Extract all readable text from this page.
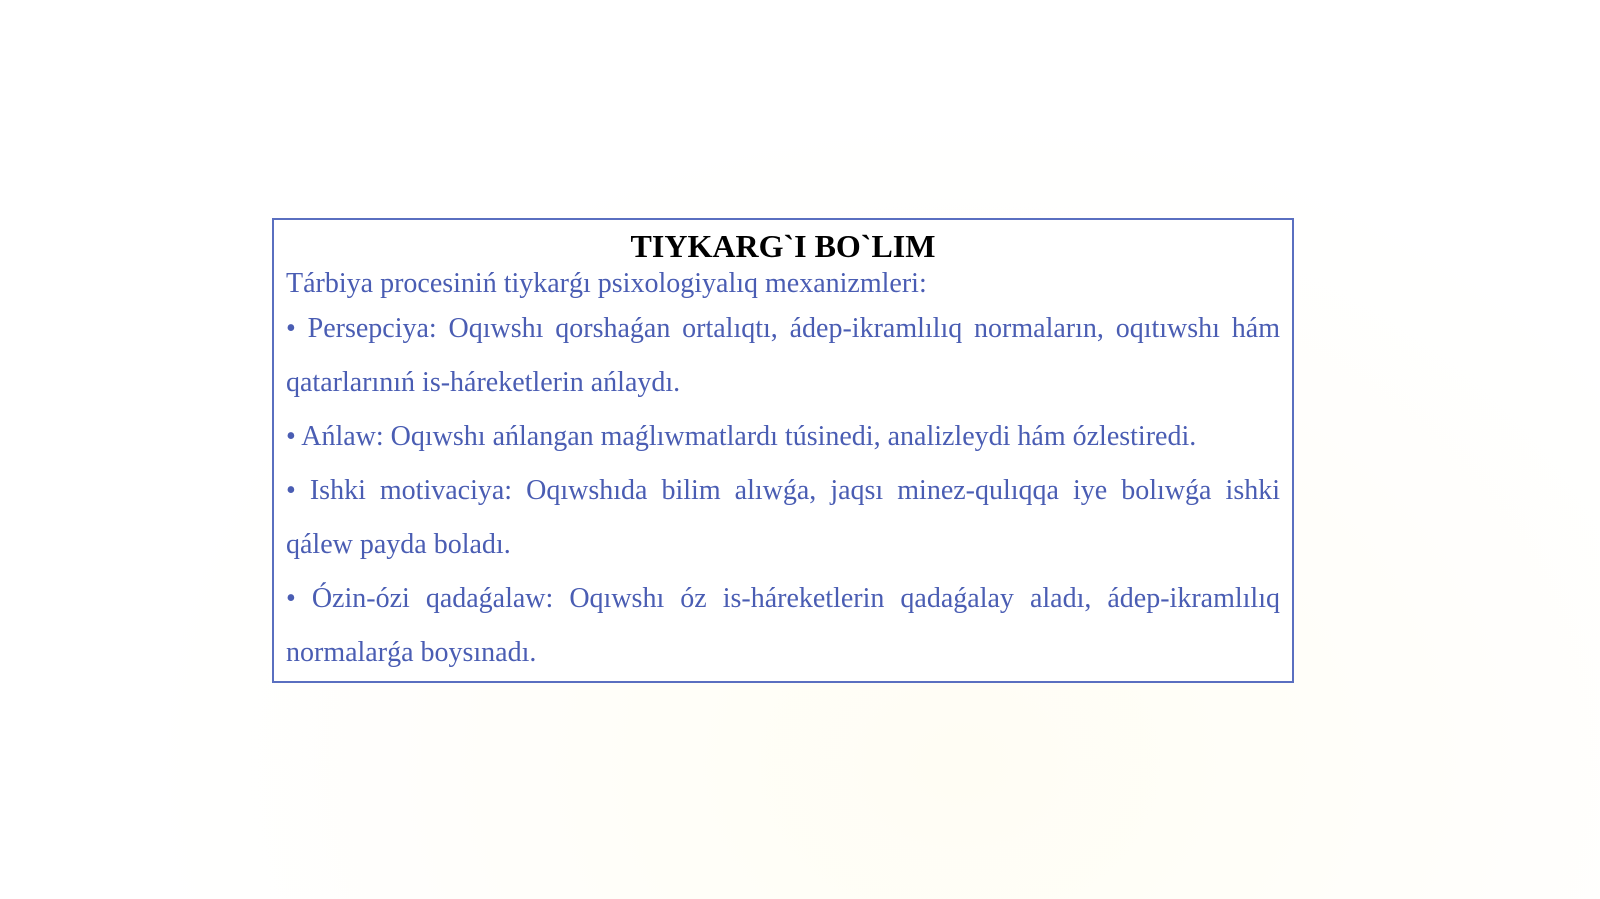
TIYKARG`I BO`LIM

Tárbiya procesiniń tiykarǵı psixologiyalıq mexanizmleri:

• Persepciya: Oqıwshı qorshaǵan ortalıqtı, ádep-ikramlılıq normaların, oqıtıwshı hám qatarlarınıń is-háreketlerin ańlaydı.
• Ańlaw: Oqıwshı ańlangan maǵlıwmatlardı túsinedi, analizleydi hám ózlestiredi.
• Ishki motivaciya: Oqıwshıda bilim alıwǵa, jaqsı minez-qulıqqa iye bolıwǵa ishki qálew payda boladı.
• Ózin-ózi qadaǵalaw: Oqıwshı óz is-háreketlerin qadaǵalay aladı, ádep-ikramlılıq normalarǵa boysınadı.
